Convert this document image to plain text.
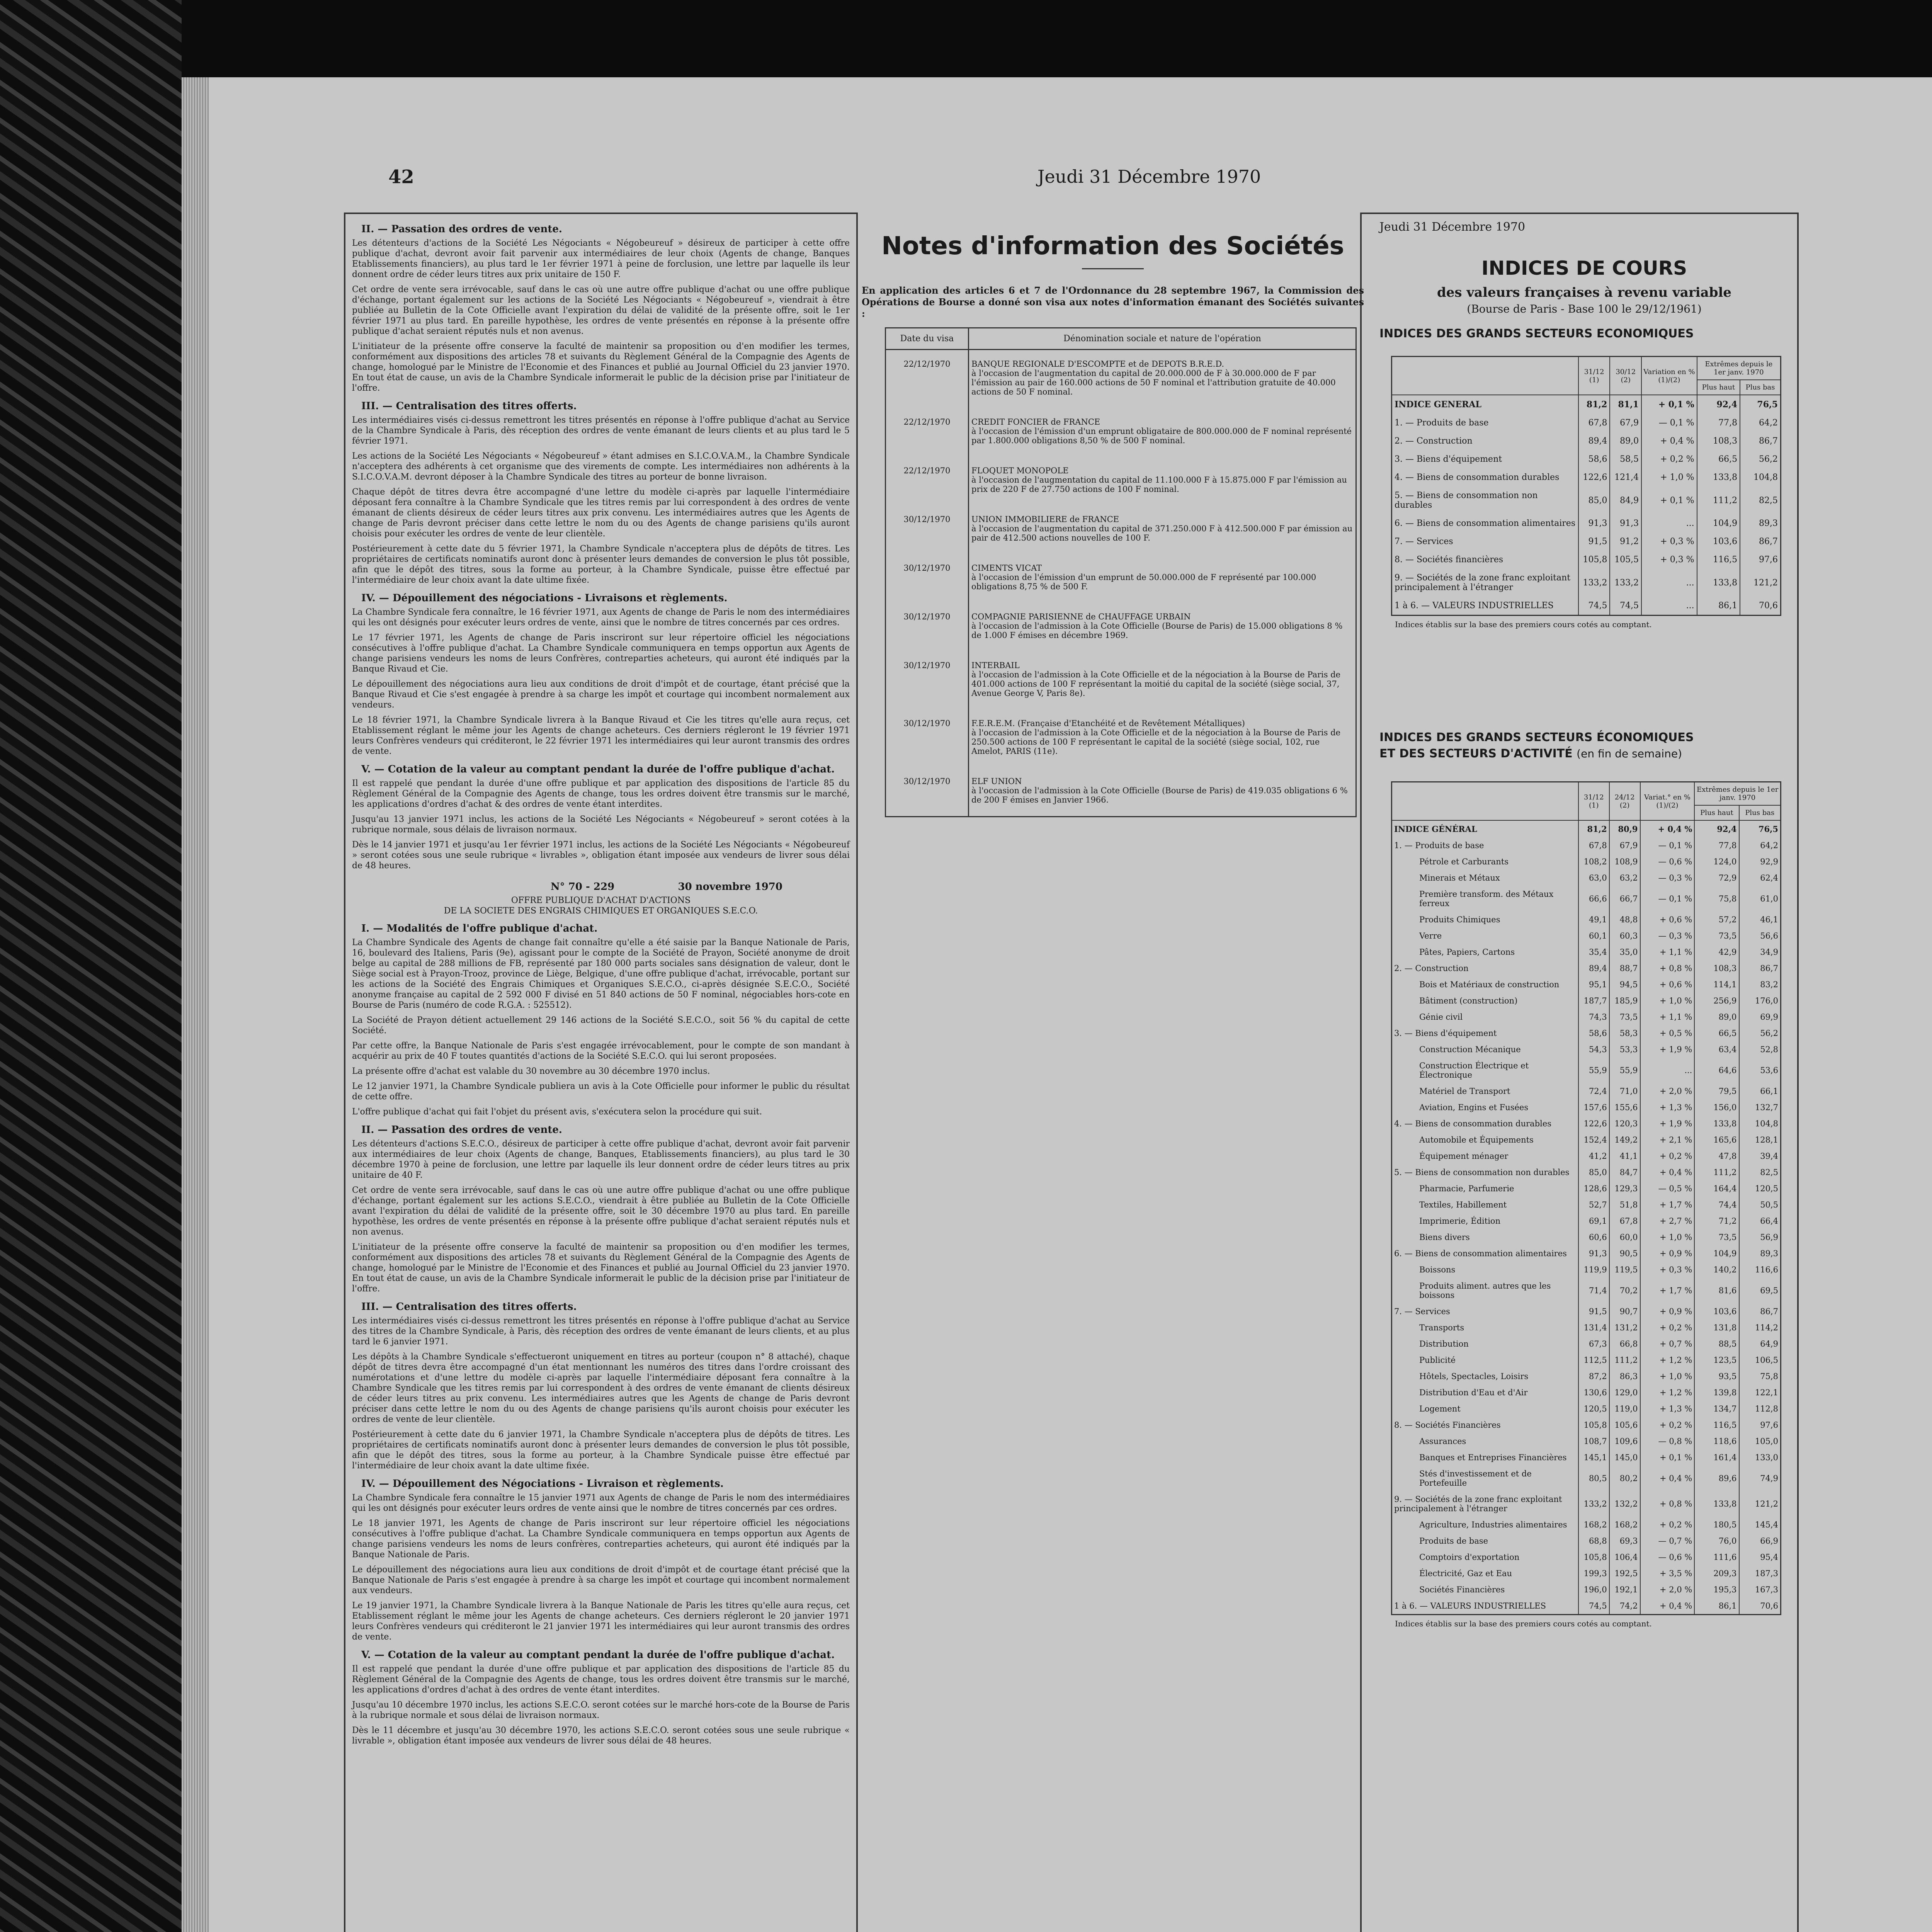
42	Jeudi 31 Décembre 1970
II. — Passation des ordres de vente.

Les détenteurs d'actions de la Société Les Négociants « Négobeureuf » désireux de participer à cette offre publique d'achat, devront avoir fait parvenir aux intermédiaires de leur choix (Agents de change, Banques Etablissements financiers), au plus tard le 1er février 1971 à peine de forclusion, une lettre par laquelle ils leur donnent ordre de céder leurs titres aux prix unitaire de 150 F.

Cet ordre de vente sera irrévocable, sauf dans le cas où une autre offre publique d'achat ou une offre publique d'échange, portant également sur les actions de la Société Les Négociants « Négobeureuf », viendrait à être publiée au Bulletin de la Cote Officielle avant l'expiration du délai de validité de la présente offre, soit le 1er février 1971 au plus tard. En pareille hypothèse, les ordres de vente présentés en réponse à la présente offre publique d'achat seraient réputés nuls et non avenus.

L'initiateur de la présente offre conserve la faculté de maintenir sa proposition ou d'en modifier les termes, conformément aux dispositions des articles 78 et suivants du Règlement Général de la Compagnie des Agents de change, homologué par le Ministre de l'Economie et des Finances et publié au Journal Officiel du 23 janvier 1970. En tout état de cause, un avis de la Chambre Syndicale informerait le public de la décision prise par l'initiateur de l'offre.

III. — Centralisation des titres offerts.

Les intermédiaires visés ci-dessus remettront les titres présentés en réponse à l'offre publique d'achat au Service de la Chambre Syndicale à Paris, dès réception des ordres de vente émanant de leurs clients et au plus tard le 5 février 1971.

Les actions de la Société Les Négociants « Négobeureuf » étant admises en S.I.C.O.V.A.M., la Chambre Syndicale n'acceptera des adhérents à cet organisme que des virements de compte. Les intermédiaires non adhérents à la S.I.C.O.V.A.M. devront déposer à la Chambre Syndicale des titres au porteur de bonne livraison.

Chaque dépôt de titres devra être accompagné d'une lettre du modèle ci-après par laquelle l'intermédiaire déposant fera connaître à la Chambre Syndicale que les titres remis par lui correspondent à des ordres de vente émanant de clients désireux de céder leurs titres aux prix convenu. Les intermédiaires autres que les Agents de change de Paris devront préciser dans cette lettre le nom du ou des Agents de change parisiens qu'ils auront choisis pour exécuter les ordres de vente de leur clientèle.

Postérieurement à cette date du 5 février 1971, la Chambre Syndicale n'acceptera plus de dépôts de titres. Les propriétaires de certificats nominatifs auront donc à présenter leurs demandes de conversion le plus tôt possible, afin que le dépôt des titres, sous la forme au porteur, à la Chambre Syndicale, puisse être effectué par l'intermédiaire de leur choix avant la date ultime fixée.

IV. — Dépouillement des négociations - Livraisons et règlements.

La Chambre Syndicale fera connaître, le 16 février 1971, aux Agents de change de Paris le nom des intermédiaires qui les ont désignés pour exécuter leurs ordres de vente, ainsi que le nombre de titres concernés par ces ordres.

Le 17 février 1971, les Agents de change de Paris inscriront sur leur répertoire officiel les négociations consécutives à l'offre publique d'achat. La Chambre Syndicale communiquera en temps opportun aux Agents de change parisiens vendeurs les noms de leurs Confrères, contreparties acheteurs, qui auront été indiqués par la Banque Rivaud et Cie.

Le dépouillement des négociations aura lieu aux conditions de droit d'impôt et de courtage, étant précisé que la Banque Rivaud et Cie s'est engagée à prendre à sa charge les impôt et courtage qui incombent normalement aux vendeurs.

Le 18 février 1971, la Chambre Syndicale livrera à la Banque Rivaud et Cie les titres qu'elle aura reçus, cet Etablissement réglant le même jour les Agents de change acheteurs. Ces derniers régleront le 19 février 1971 leurs Confrères vendeurs qui créditeront, le 22 février 1971 les intermédiaires qui leur auront transmis des ordres de vente.

V. — Cotation de la valeur au comptant pendant la durée de l'offre publique d'achat.

Il est rappelé que pendant la durée d'une offre publique et par application des dispositions de l'article 85 du Règlement Général de la Compagnie des Agents de change, tous les ordres doivent être transmis sur le marché, les applications d'ordres d'achat & des ordres de vente étant interdites.

Jusqu'au 13 janvier 1971 inclus, les actions de la Société Les Négociants « Négobeureuf » seront cotées à la rubrique normale, sous délais de livraison normaux.

Dès le 14 janvier 1971 et jusqu'au 1er février 1971 inclus, les actions de la Société Les Négociants « Négobeureuf » seront cotées sous une seule rubrique « livrables », obligation étant imposée aux vendeurs de livrer sous délai de 48 heures.

N° 70 - 229	30 novembre 1970
OFFRE PUBLIQUE D'ACHAT D'ACTIONS
DE LA SOCIETE DES ENGRAIS CHIMIQUES ET ORGANIQUES S.E.C.O.
I. — Modalités de l'offre publique d'achat.

La Chambre Syndicale des Agents de change fait connaître qu'elle a été saisie par la Banque Nationale de Paris, 16, boulevard des Italiens, Paris (9e), agissant pour le compte de la Société de Prayon, Société anonyme de droit belge au capital de 288 millions de FB, représenté par 180 000 parts sociales sans désignation de valeur, dont le Siège social est à Prayon-Trooz, province de Liège, Belgique, d'une offre publique d'achat, irrévocable, portant sur les actions de la Société des Engrais Chimiques et Organiques S.E.C.O., ci-après désignée S.E.C.O., Société anonyme française au capital de 2 592 000 F divisé en 51 840 actions de 50 F nominal, négociables hors-cote en Bourse de Paris (numéro de code R.G.A. : 525512).

La Société de Prayon détient actuellement 29 146 actions de la Société S.E.C.O., soit 56 % du capital de cette Société.

Par cette offre, la Banque Nationale de Paris s'est engagée irrévocablement, pour le compte de son mandant à acquérir au prix de 40 F toutes quantités d'actions de la Société S.E.C.O. qui lui seront proposées.

La présente offre d'achat est valable du 30 novembre au 30 décembre 1970 inclus.

Le 12 janvier 1971, la Chambre Syndicale publiera un avis à la Cote Officielle pour informer le public du résultat de cette offre.

L'offre publique d'achat qui fait l'objet du présent avis, s'exécutera selon la procédure qui suit.

II. — Passation des ordres de vente.

Les détenteurs d'actions S.E.C.O., désireux de participer à cette offre publique d'achat, devront avoir fait parvenir aux intermédiaires de leur choix (Agents de change, Banques, Etablissements financiers), au plus tard le 30 décembre 1970 à peine de forclusion, une lettre par laquelle ils leur donnent ordre de céder leurs titres au prix unitaire de 40 F.

Cet ordre de vente sera irrévocable, sauf dans le cas où une autre offre publique d'achat ou une offre publique d'échange, portant également sur les actions S.E.C.O., viendrait à être publiée au Bulletin de la Cote Officielle avant l'expiration du délai de validité de la présente offre, soit le 30 décembre 1970 au plus tard. En pareille hypothèse, les ordres de vente présentés en réponse à la présente offre publique d'achat seraient réputés nuls et non avenus.

L'initiateur de la présente offre conserve la faculté de maintenir sa proposition ou d'en modifier les termes, conformément aux dispositions des articles 78 et suivants du Règlement Général de la Compagnie des Agents de change, homologué par le Ministre de l'Economie et des Finances et publié au Journal Officiel du 23 janvier 1970. En tout état de cause, un avis de la Chambre Syndicale informerait le public de la décision prise par l'initiateur de l'offre.

III. — Centralisation des titres offerts.

Les intermédiaires visés ci-dessus remettront les titres présentés en réponse à l'offre publique d'achat au Service des titres de la Chambre Syndicale, à Paris, dès réception des ordres de vente émanant de leurs clients, et au plus tard le 6 janvier 1971.

Les dépôts à la Chambre Syndicale s'effectueront uniquement en titres au porteur (coupon n° 8 attaché), chaque dépôt de titres devra être accompagné d'un état mentionnant les numéros des titres dans l'ordre croissant des numérotations et d'une lettre du modèle ci-après par laquelle l'intermédiaire déposant fera connaître à la Chambre Syndicale que les titres remis par lui correspondent à des ordres de vente émanant de clients désireux de céder leurs titres au prix convenu. Les intermédiaires autres que les Agents de change de Paris devront préciser dans cette lettre le nom du ou des Agents de change parisiens qu'ils auront choisis pour exécuter les ordres de vente de leur clientèle.

Postérieurement à cette date du 6 janvier 1971, la Chambre Syndicale n'acceptera plus de dépôts de titres. Les propriétaires de certificats nominatifs auront donc à présenter leurs demandes de conversion le plus tôt possible, afin que le dépôt des titres, sous la forme au porteur, à la Chambre Syndicale puisse être effectué par l'intermédiaire de leur choix avant la date ultime fixée.

IV. — Dépouillement des Négociations - Livraison et règlements.

La Chambre Syndicale fera connaître le 15 janvier 1971 aux Agents de change de Paris le nom des intermédiaires qui les ont désignés pour exécuter leurs ordres de vente ainsi que le nombre de titres concernés par ces ordres.

Le 18 janvier 1971, les Agents de change de Paris inscriront sur leur répertoire officiel les négociations consécutives à l'offre publique d'achat. La Chambre Syndicale communiquera en temps opportun aux Agents de change parisiens vendeurs les noms de leurs confrères, contreparties acheteurs, qui auront été indiqués par la Banque Nationale de Paris.

Le dépouillement des négociations aura lieu aux conditions de droit d'impôt et de courtage étant précisé que la Banque Nationale de Paris s'est engagée à prendre à sa charge les impôt et courtage qui incombent normalement aux vendeurs.

Le 19 janvier 1971, la Chambre Syndicale livrera à la Banque Nationale de Paris les titres qu'elle aura reçus, cet Etablissement réglant le même jour les Agents de change acheteurs. Ces derniers régleront le 20 janvier 1971 leurs Confrères vendeurs qui créditeront le 21 janvier 1971 les intermédiaires qui leur auront transmis des ordres de vente.

V. — Cotation de la valeur au comptant pendant la durée de l'offre publique d'achat.

Il est rappelé que pendant la durée d'une offre publique et par application des dispositions de l'article 85 du Règlement Général de la Compagnie des Agents de change, tous les ordres doivent être transmis sur le marché, les applications d'ordres d'achat à des ordres de vente étant interdites.

Jusqu'au 10 décembre 1970 inclus, les actions S.E.C.O. seront cotées sur le marché hors-cote de la Bourse de Paris à la rubrique normale et sous délai de livraison normaux.

Dès le 11 décembre et jusqu'au 30 décembre 1970, les actions S.E.C.O. seront cotées sous une seule rubrique « livrable », obligation étant imposée aux vendeurs de livrer sous délai de 48 heures.

Notes d'information des Sociétés
En application des articles 6 et 7 de l'Ordonnance du 28 septembre 1967, la Commission des Opérations de Bourse a donné son visa aux notes d'information émanant des Sociétés suivantes :
Date du visa	Dénomination sociale et nature de l'opération
22/12/1970	BANQUE REGIONALE D'ESCOMPTE et de DEPOTS B.R.E.D.
à l'occasion de l'augmentation du capital de 20.000.000 de F à 30.000.000 de F par l'émission au pair de 160.000 actions de 50 F nominal et l'attribution gratuite de 40.000 actions de 50 F nominal.

22/12/1970	CREDIT FONCIER de FRANCE
à l'occasion de l'émission d'un emprunt obligataire de 800.000.000 de F nominal représenté par 1.800.000 obligations 8,50 % de 500 F nominal.

22/12/1970	FLOQUET MONOPOLE
à l'occasion de l'augmentation du capital de 11.100.000 F à 15.875.000 F par l'émission au prix de 220 F de 27.750 actions de 100 F nominal.

30/12/1970	UNION IMMOBILIERE de FRANCE
à l'occasion de l'augmentation du capital de 371.250.000 F à 412.500.000 F par émission au pair de 412.500 actions nouvelles de 100 F.

30/12/1970	CIMENTS VICAT
à l'occasion de l'émission d'un emprunt de 50.000.000 de F représenté par 100.000 obligations 8,75 % de 500 F.

30/12/1970	COMPAGNIE PARISIENNE de CHAUFFAGE URBAIN
à l'occasion de l'admission à la Cote Officielle (Bourse de Paris) de 15.000 obligations 8 % de 1.000 F émises en décembre 1969.

30/12/1970	INTERBAIL
à l'occasion de l'admission à la Cote Officielle et de la négociation à la Bourse de Paris de 401.000 actions de 100 F représentant la moitié du capital de la société (siège social, 37, Avenue George V, Paris 8e).

30/12/1970	F.E.R.E.M. (Française d'Etanchéité et de Revêtement Métalliques)
à l'occasion de l'admission à la Cote Officielle et de la négociation à la Bourse de Paris de 250.500 actions de 100 F représentant le capital de la société (siège social, 102, rue Amelot, PARIS (11e).

30/12/1970	ELF UNION
à l'occasion de l'admission à la Cote Officielle (Bourse de Paris) de 419.035 obligations 6 % de 200 F émises en Janvier 1966.
Jeudi 31 Décembre 1970
INDICES DE COURS
des valeurs françaises à revenu variable
(Bourse de Paris - Base 100 le 29/12/1961)
INDICES DES GRANDS SECTEURS ECONOMIQUES
	31/12 (1)	30/12 (2)	Variation en % (1)/(2)	Extrêmes depuis le 1er janv. 1970	
				Plus haut	Plus bas
INDICE GENERAL	81,2	81,1	+ 0,1 %	92,4	76,5
1. — Produits de base	67,8	67,9	— 0,1 %	77,8	64,2
2. — Construction	89,4	89,0	+ 0,4 %	108,3	86,7
3. — Biens d'équipement	58,6	58,5	+ 0,2 %	66,5	56,2
4. — Biens de consommation durables	122,6	121,4	+ 1,0 %	133,8	104,8
5. — Biens de consommation non durables	85,0	84,9	+ 0,1 %	111,2	82,5
6. — Biens de consommation alimentaires	91,3	91,3	...	104,9	89,3
7. — Services	91,5	91,2	+ 0,3 %	103,6	86,7
8. — Sociétés financières	105,8	105,5	+ 0,3 %	116,5	97,6
9. — Sociétés de la zone franc exploitant principalement à l'étranger	133,2	133,2	...	133,8	121,2
1 à 6. — VALEURS INDUSTRIELLES	74,5	74,5	...	86,1	70,6
Indices établis sur la base des premiers cours cotés au comptant.
INDICES DES GRANDS SECTEURS ÉCONOMIQUES
ET DES SECTEURS D'ACTIVITÉ (en fin de semaine)
	31/12 (1)	24/12 (2)	Variat.° en % (1)/(2)	Extrêmes depuis le 1er janv. 1970	
				Plus haut	Plus bas
INDICE GÉNÉRAL	81,2	80,9	+ 0,4 %	92,4	76,5
1. — Produits de base	67,8	67,9	— 0,1 %	77,8	64,2
Pétrole et Carburants	108,2	108,9	— 0,6 %	124,0	92,9
Minerais et Métaux	63,0	63,2	— 0,3 %	72,9	62,4
Première transform. des Métaux ferreux	66,6	66,7	— 0,1 %	75,8	61,0
Produits Chimiques	49,1	48,8	+ 0,6 %	57,2	46,1
Verre	60,1	60,3	— 0,3 %	73,5	56,6
Pâtes, Papiers, Cartons	35,4	35,0	+ 1,1 %	42,9	34,9
2. — Construction	89,4	88,7	+ 0,8 %	108,3	86,7
Bois et Matériaux de construction	95,1	94,5	+ 0,6 %	114,1	83,2
Bâtiment (construction)	187,7	185,9	+ 1,0 %	256,9	176,0
Génie civil	74,3	73,5	+ 1,1 %	89,0	69,9
3. — Biens d'équipement	58,6	58,3	+ 0,5 %	66,5	56,2
Construction Mécanique	54,3	53,3	+ 1,9 %	63,4	52,8
Construction Électrique et Électronique	55,9	55,9	...	64,6	53,6
Matériel de Transport	72,4	71,0	+ 2,0 %	79,5	66,1
Aviation, Engins et Fusées	157,6	155,6	+ 1,3 %	156,0	132,7
4. — Biens de consommation durables	122,6	120,3	+ 1,9 %	133,8	104,8
Automobile et Équipements	152,4	149,2	+ 2,1 %	165,6	128,1
Équipement ménager	41,2	41,1	+ 0,2 %	47,8	39,4
5. — Biens de consommation non durables	85,0	84,7	+ 0,4 %	111,2	82,5
Pharmacie, Parfumerie	128,6	129,3	— 0,5 %	164,4	120,5
Textiles, Habillement	52,7	51,8	+ 1,7 %	74,4	50,5
Imprimerie, Édition	69,1	67,8	+ 2,7 %	71,2	66,4
Biens divers	60,6	60,0	+ 1,0 %	73,5	56,9
6. — Biens de consommation alimentaires	91,3	90,5	+ 0,9 %	104,9	89,3
Boissons	119,9	119,5	+ 0,3 %	140,2	116,6
Produits aliment. autres que les boissons	71,4	70,2	+ 1,7 %	81,6	69,5
7. — Services	91,5	90,7	+ 0,9 %	103,6	86,7
Transports	131,4	131,2	+ 0,2 %	131,8	114,2
Distribution	67,3	66,8	+ 0,7 %	88,5	64,9
Publicité	112,5	111,2	+ 1,2 %	123,5	106,5
Hôtels, Spectacles, Loisirs	87,2	86,3	+ 1,0 %	93,5	75,8
Distribution d'Eau et d'Air	130,6	129,0	+ 1,2 %	139,8	122,1
Logement	120,5	119,0	+ 1,3 %	134,7	112,8
8. — Sociétés Financières	105,8	105,6	+ 0,2 %	116,5	97,6
Assurances	108,7	109,6	— 0,8 %	118,6	105,0
Banques et Entreprises Financières	145,1	145,0	+ 0,1 %	161,4	133,0
Stés d'investissement et de Portefeuille	80,5	80,2	+ 0,4 %	89,6	74,9
9. — Sociétés de la zone franc exploitant principalement à l'étranger	133,2	132,2	+ 0,8 %	133,8	121,2
Agriculture, Industries alimentaires	168,2	168,2	+ 0,2 %	180,5	145,4
Produits de base	68,8	69,3	— 0,7 %	76,0	66,9
Comptoirs d'exportation	105,8	106,4	— 0,6 %	111,6	95,4
Électricité, Gaz et Eau	199,3	192,5	+ 3,5 %	209,3	187,3
Sociétés Financières	196,0	192,1	+ 2,0 %	195,3	167,3
1 à 6. — VALEURS INDUSTRIELLES	74,5	74,2	+ 0,4 %	86,1	70,6
Indices établis sur la base des premiers cours cotés au comptant.
